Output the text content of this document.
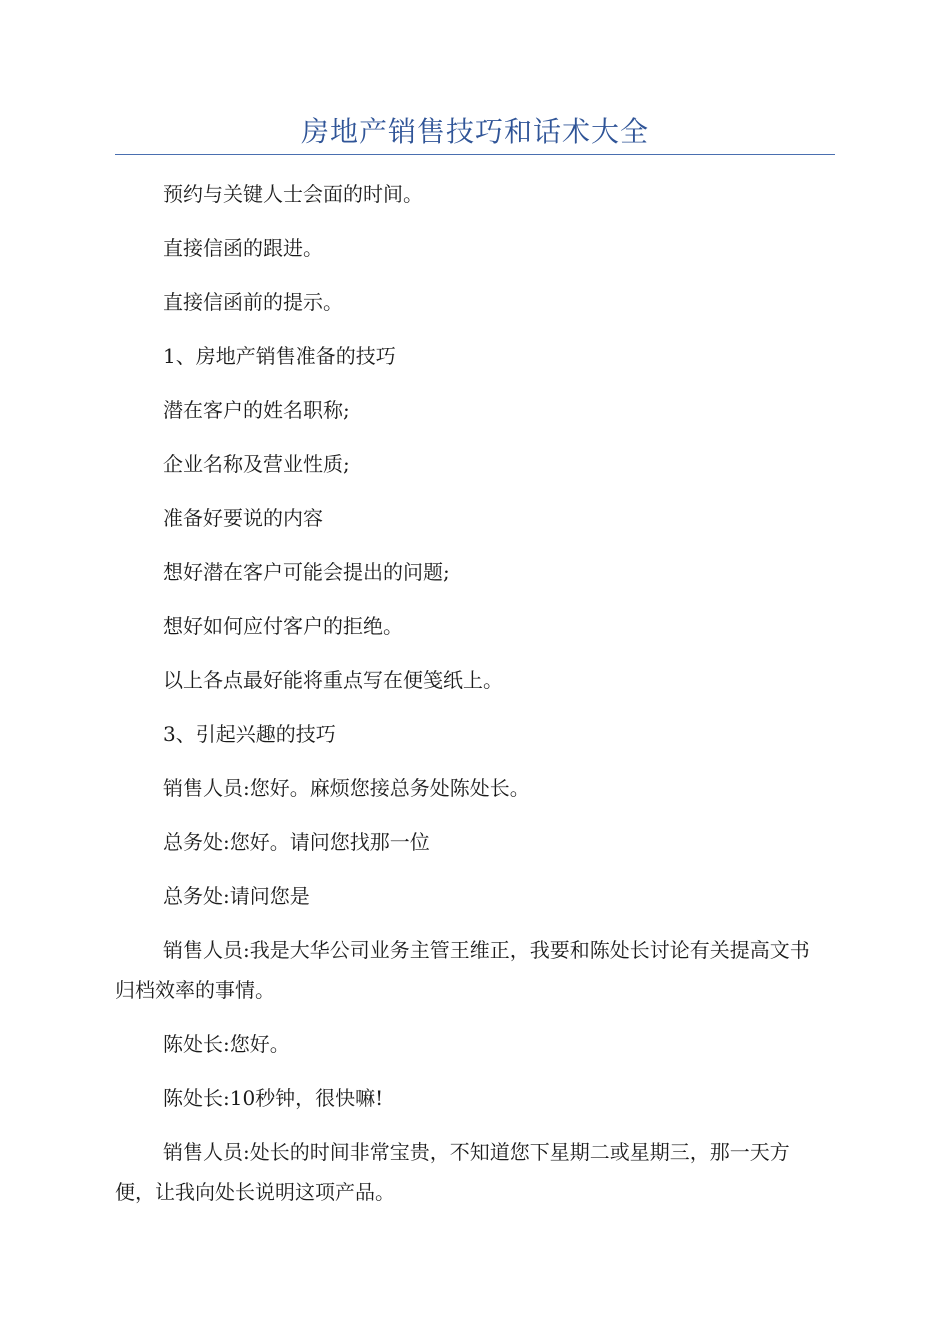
房地产销售技巧和话术大全

预约与关键人士会面的时间。

直接信函的跟进。

直接信函前的提示。

1、房地产销售准备的技巧

潜在客户的姓名职称;

企业名称及营业性质;

准备好要说的内容

想好潜在客户可能会提出的问题;

想好如何应付客户的拒绝。

以上各点最好能将重点写在便笺纸上。

3、引起兴趣的技巧

销售人员:您好。麻烦您接总务处陈处长。

总务处:您好。请问您找那一位

总务处:请问您是

销售人员:我是大华公司业务主管王维正，我要和陈处长讨论有关提高文书归档效率的事情。

陈处长:您好。

陈处长:10秒钟，很快嘛!

销售人员:处长的时间非常宝贵，不知道您下星期二或星期三，那一天方便，让我向处长说明这项产品。
